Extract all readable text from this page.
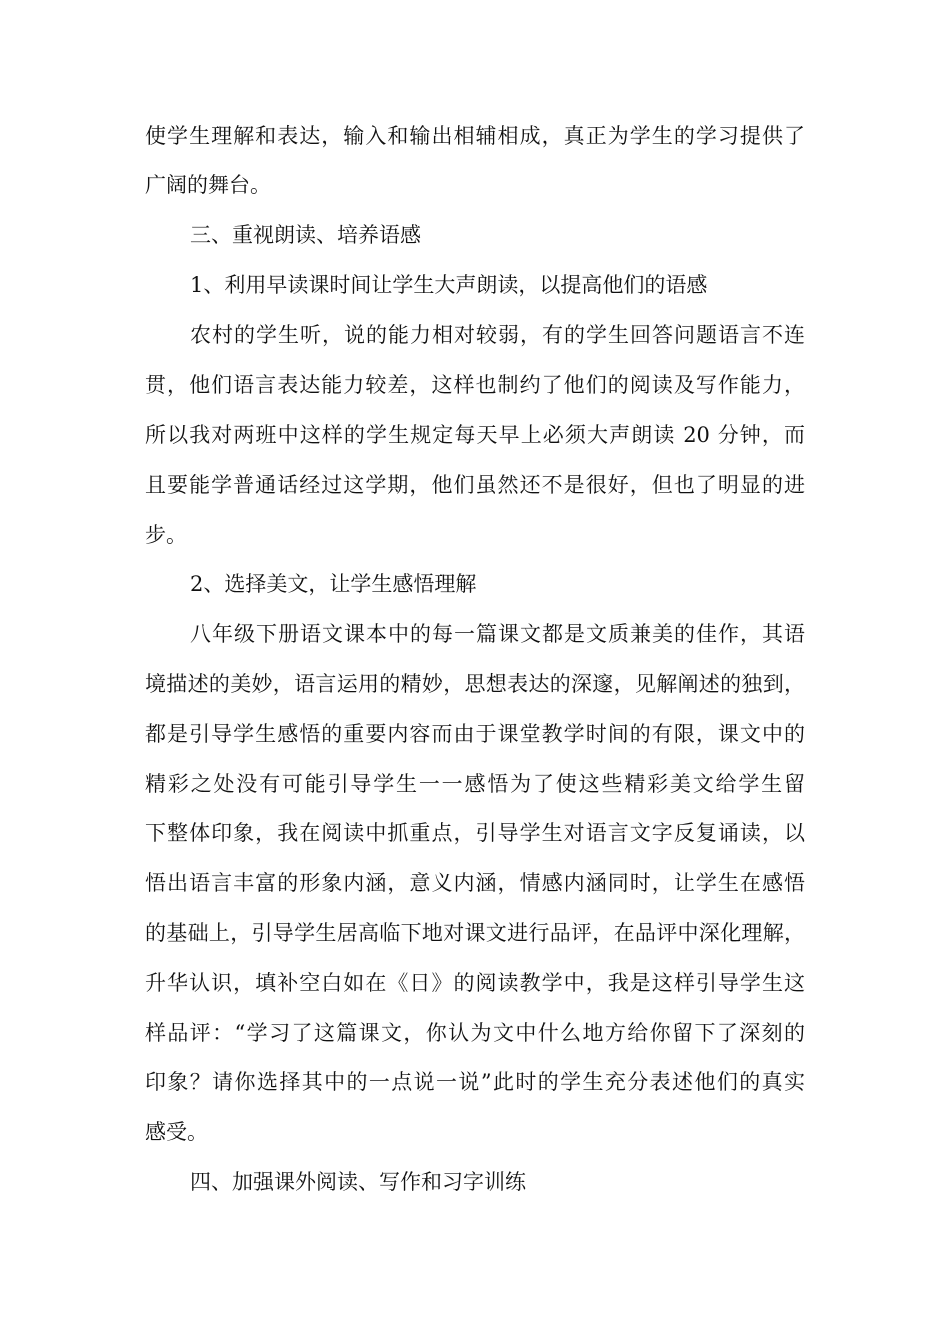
使学生理解和表达，输入和输出相辅相成，真正为学生的学习提供了
广阔的舞台。
三、重视朗读、培养语感
1、利用早读课时间让学生大声朗读，以提高他们的语感
农村的学生听，说的能力相对较弱，有的学生回答问题语言不连
贯，他们语言表达能力较差，这样也制约了他们的阅读及写作能力，
所以我对两班中这样的学生规定每天早上必须大声朗读 20 分钟，而
且要能学普通话经过这学期，他们虽然还不是很好，但也了明显的进
步。
2、选择美文，让学生感悟理解
八年级下册语文课本中的每一篇课文都是文质兼美的佳作，其语
境描述的美妙，语言运用的精妙，思想表达的深邃，见解阐述的独到，
都是引导学生感悟的重要内容而由于课堂教学时间的有限，课文中的
精彩之处没有可能引导学生一一感悟为了使这些精彩美文给学生留
下整体印象，我在阅读中抓重点，引导学生对语言文字反复诵读，以
悟出语言丰富的形象内涵，意义内涵，情感内涵同时，让学生在感悟
的基础上，引导学生居高临下地对课文进行品评，在品评中深化理解，
升华认识，填补空白如在《日》的阅读教学中，我是这样引导学生这
样品评：“学习了这篇课文，你认为文中什么地方给你留下了深刻的
印象？请你选择其中的一点说一说”此时的学生充分表述他们的真实
感受。
四、加强课外阅读、写作和习字训练
